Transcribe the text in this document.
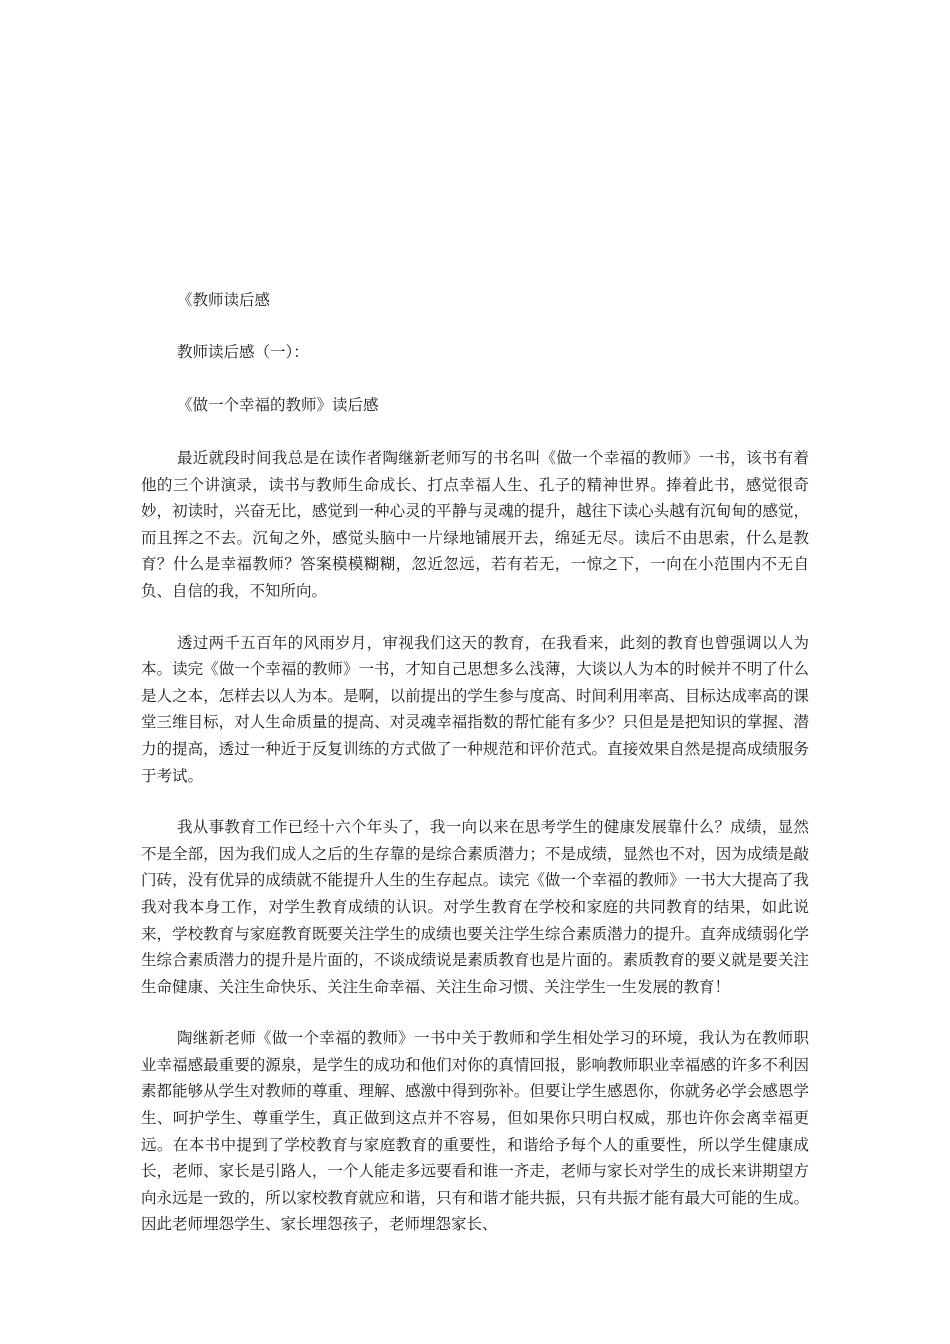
《教师读后感

教师读后感（一）：

《做一个幸福的教师》读后感

最近就段时间我总是在读作者陶继新老师写的书名叫《做一个幸福的教师》一书，该书有着他的三个讲演录，读书与教师生命成长、打点幸福人生、孔子的精神世界。捧着此书，感觉很奇妙，初读时，兴奋无比，感觉到一种心灵的平静与灵魂的提升，越往下读心头越有沉甸甸的感觉，而且挥之不去。沉甸之外，感觉头脑中一片绿地铺展开去，绵延无尽。读后不由思索，什么是教育？什么是幸福教师？答案模模糊糊，忽近忽远，若有若无，一惊之下，一向在小范围内不无自负、自信的我，不知所向。

透过两千五百年的风雨岁月，审视我们这天的教育，在我看来，此刻的教育也曾强调以人为本。读完《做一个幸福的教师》一书，才知自己思想多么浅薄，大谈以人为本的时候并不明了什么是人之本，怎样去以人为本。是啊，以前提出的学生参与度高、时间利用率高、目标达成率高的课堂三维目标，对人生命质量的提高、对灵魂幸福指数的帮忙能有多少？只但是是把知识的掌握、潜力的提高，透过一种近于反复训练的方式做了一种规范和评价范式。直接效果自然是提高成绩服务于考试。

我从事教育工作已经十六个年头了，我一向以来在思考学生的健康发展靠什么？成绩，显然不是全部，因为我们成人之后的生存靠的是综合素质潜力；不是成绩，显然也不对，因为成绩是敲门砖，没有优异的成绩就不能提升人生的生存起点。读完《做一个幸福的教师》一书大大提高了我我对我本身工作，对学生教育成绩的认识。对学生教育在学校和家庭的共同教育的结果，如此说来，学校教育与家庭教育既要关注学生的成绩也要关注学生综合素质潜力的提升。直奔成绩弱化学生综合素质潜力的提升是片面的，不谈成绩说是素质教育也是片面的。素质教育的要义就是要关注生命健康、关注生命快乐、关注生命幸福、关注生命习惯、关注学生一生发展的教育！

陶继新老师《做一个幸福的教师》一书中关于教师和学生相处学习的环境，我认为在教师职业幸福感最重要的源泉，是学生的成功和他们对你的真情回报，影响教师职业幸福感的许多不利因素都能够从学生对教师的尊重、理解、感激中得到弥补。但要让学生感恩你，你就务必学会感恩学生、呵护学生、尊重学生，真正做到这点并不容易，但如果你只明白权威，那也许你会离幸福更远。在本书中提到了学校教育与家庭教育的重要性，和谐给予每个人的重要性，所以学生健康成长，老师、家长是引路人，一个人能走多远要看和谁一齐走，老师与家长对学生的成长来讲期望方向永远是一致的，所以家校教育就应和谐，只有和谐才能共振，只有共振才能有最大可能的生成。因此老师埋怨学生、家长埋怨孩子，老师埋怨家长、
